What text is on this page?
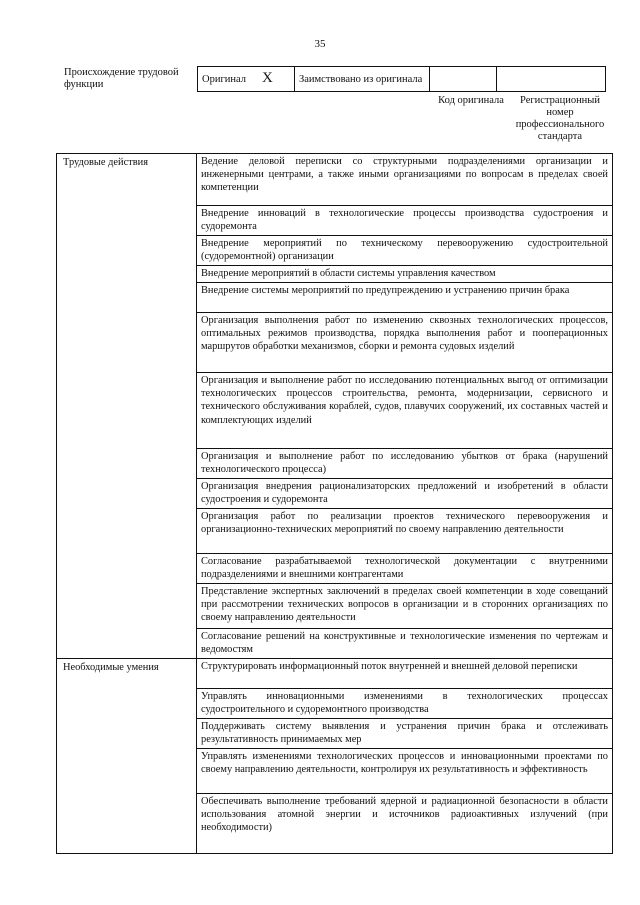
35
Происхождение трудовой функции	Оригинал X	Заимствовано из оригинала		
Код оригинала	Регистрационный номер профессионального стандарта
Трудовые действия	Ведение деловой переписки со структурными подразделениями организации и инженерными центрами, а также иными организациями по вопросам в пределах своей компетенции
	Внедрение инноваций в технологические процессы производства судостроения и судоремонта
	Внедрение мероприятий по техническому перевооружению судостроительной (судоремонтной) организации
	Внедрение мероприятий в области системы управления качеством
	Внедрение системы мероприятий по предупреждению и устранению причин брака
	Организация выполнения работ по изменению сквозных технологических процессов, оптимальных режимов производства, порядка выполнения работ и пооперационных маршрутов обработки механизмов, сборки и ремонта судовых изделий
	Организация и выполнение работ по исследованию потенциальных выгод от оптимизации технологических процессов строительства, ремонта, модернизации, сервисного и технического обслуживания кораблей, судов, плавучих сооружений, их составных частей и комплектующих изделий
	Организация и выполнение работ по исследованию убытков от брака (нарушений технологического процесса)
	Организация внедрения рационализаторских предложений и изобретений в области судостроения и судоремонта
	Организация работ по реализации проектов технического перевооружения и организационно-технических мероприятий по своему направлению деятельности
	Согласование разрабатываемой технологической документации с внутренними подразделениями и внешними контрагентами
	Представление экспертных заключений в пределах своей компетенции в ходе совещаний при рассмотрении технических вопросов в организации и в сторонних организациях по своему направлению деятельности
	Согласование решений на конструктивные и технологические изменения по чертежам и ведомостям
Необходимые умения	Структурировать информационный поток внутренней и внешней деловой переписки
	Управлять инновационными изменениями в технологических процессах судостроительного и судоремонтного производства
	Поддерживать систему выявления и устранения причин брака и отслеживать результативность принимаемых мер
	Управлять изменениями технологических процессов и инновационными проектами по своему направлению деятельности, контролируя их результативность и эффективность
	Обеспечивать выполнение требований ядерной и радиационной безопасности в области использования атомной энергии и источников радиоактивных излучений (при необходимости)
